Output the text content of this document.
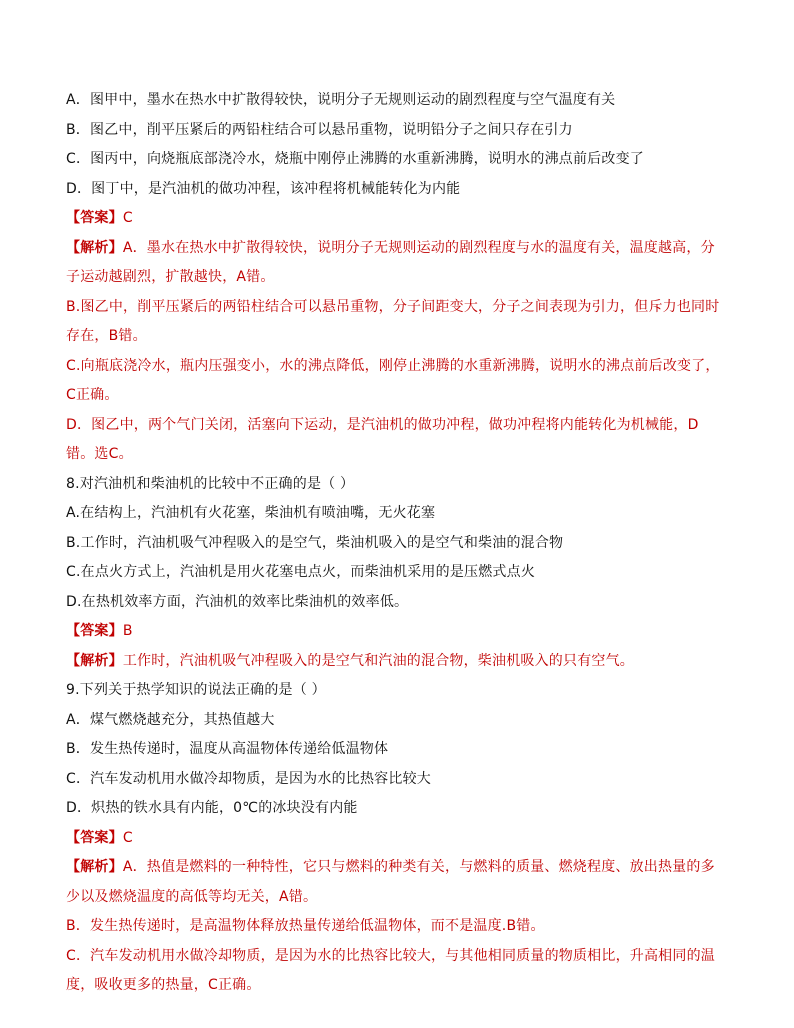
A．图甲中，墨水在热水中扩散得较快，说明分子无规则运动的剧烈程度与空气温度有关
B．图乙中，削平压紧后的两铅柱结合可以悬吊重物，说明铅分子之间只存在引力
C．图丙中，向烧瓶底部浇冷水，烧瓶中刚停止沸腾的水重新沸腾，说明水的沸点前后改变了
D．图丁中，是汽油机的做功冲程，该冲程将机械能转化为内能
【答案】C
【解析】A．墨水在热水中扩散得较快，说明分子无规则运动的剧烈程度与水的温度有关，温度越高，分子运动越剧烈，扩散越快，A错。
B.图乙中，削平压紧后的两铅柱结合可以悬吊重物，分子间距变大，分子之间表现为引力，但斥力也同时存在，B错。
C.向瓶底浇冷水，瓶内压强变小，水的沸点降低，刚停止沸腾的水重新沸腾，说明水的沸点前后改变了，C正确。
D．图乙中，两个气门关闭，活塞向下运动，是汽油机的做功冲程，做功冲程将内能转化为机械能，D错。选C。
8.对汽油机和柴油机的比较中不正确的是（ ）
A.在结构上，汽油机有火花塞，柴油机有喷油嘴，无火花塞
B.工作时，汽油机吸气冲程吸入的是空气，柴油机吸入的是空气和柴油的混合物
C.在点火方式上，汽油机是用火花塞电点火，而柴油机采用的是压燃式点火
D.在热机效率方面，汽油机的效率比柴油机的效率低。
【答案】B
【解析】工作时，汽油机吸气冲程吸入的是空气和汽油的混合物，柴油机吸入的只有空气。
9.下列关于热学知识的说法正确的是（ ）
A．煤气燃烧越充分，其热值越大
B．发生热传递时，温度从高温物体传递给低温物体
C．汽车发动机用水做冷却物质，是因为水的比热容比较大
D．炽热的铁水具有内能，0℃的冰块没有内能
【答案】C
【解析】A．热值是燃料的一种特性，它只与燃料的种类有关，与燃料的质量、燃烧程度、放出热量的多少以及燃烧温度的高低等均无关，A错。
B．发生热传递时，是高温物体释放热量传递给低温物体，而不是温度.B错。
C．汽车发动机用水做冷却物质，是因为水的比热容比较大，与其他相同质量的物质相比，升高相同的温度，吸收更多的热量，C正确。
